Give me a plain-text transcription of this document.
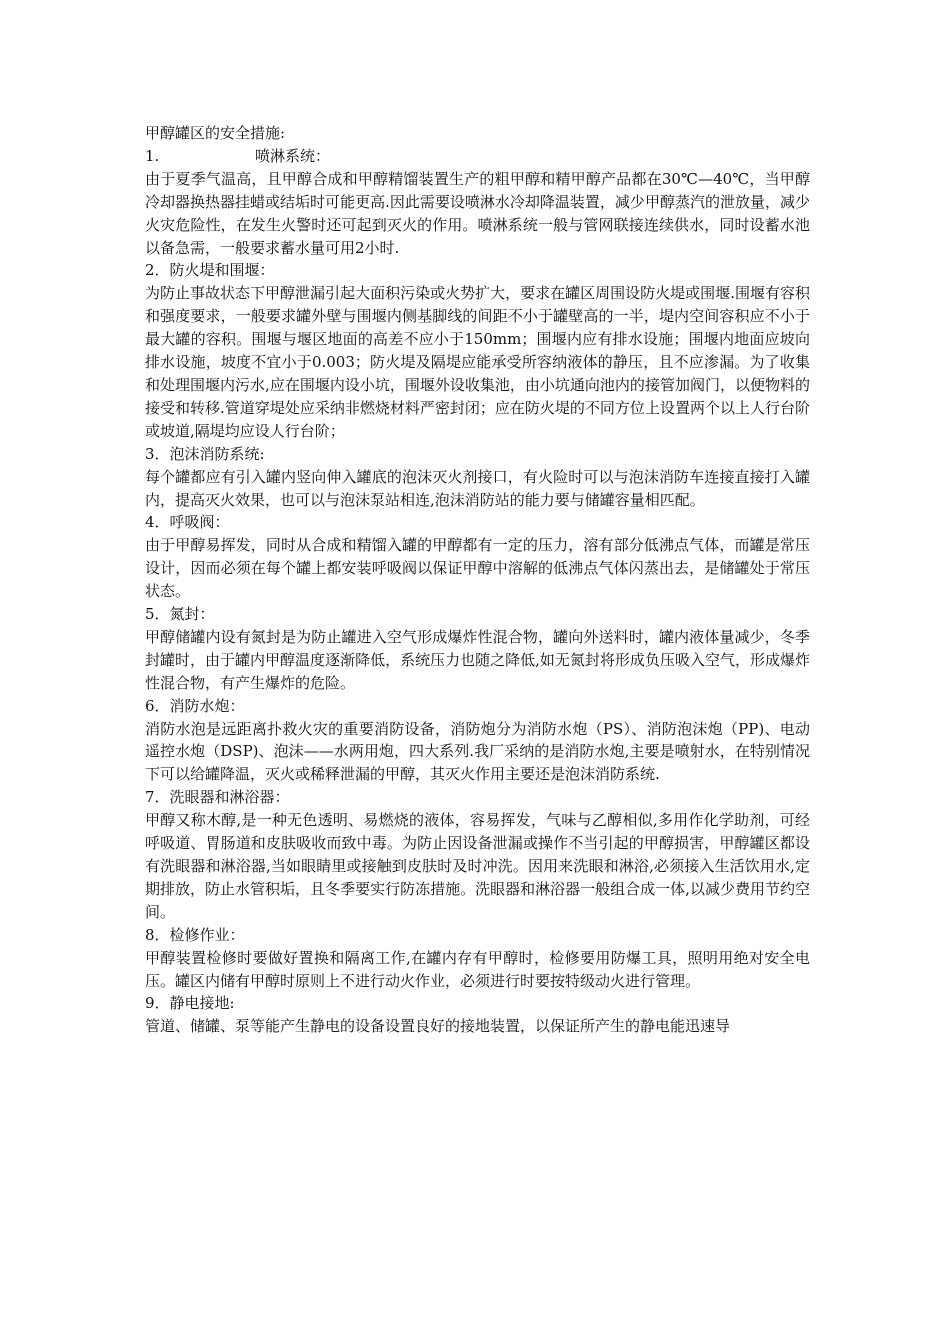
甲醇罐区的安全措施:

1.	喷淋系统：

由于夏季气温高，且甲醇合成和甲醇精馏装置生产的粗甲醇和精甲醇产品都在30℃—40℃，当甲醇冷却器换热器挂蜡或结垢时可能更高.因此需要设喷淋水冷却降温装置，减少甲醇蒸汽的泄放量，减少火灾危险性，在发生火警时还可起到灭火的作用。喷淋系统一般与管网联接连续供水，同时设蓄水池以备急需，一般要求蓄水量可用2小时.

2．防火堤和围堰：

为防止事故状态下甲醇泄漏引起大面积污染或火势扩大，要求在罐区周围设防火堤或围堰.围堰有容积和强度要求，一般要求罐外壁与围堰内侧基脚线的间距不小于罐壁高的一半，堤内空间容积应不小于最大罐的容积。围堰与堰区地面的高差不应小于150mm；围堰内应有排水设施；围堰内地面应坡向排水设施，坡度不宜小于0.003；防火堤及隔堤应能承受所容纳液体的静压，且不应渗漏。为了收集和处理围堰内污水,应在围堰内设小坑，围堰外设收集池，由小坑通向池内的接管加阀门，以便物料的接受和转移.管道穿堤处应采纳非燃烧材料严密封闭；应在防火堤的不同方位上设置两个以上人行台阶或坡道,隔堤均应设人行台阶；

3．泡沫消防系统:

每个罐都应有引入罐内竖向伸入罐底的泡沫灭火剂接口，有火险时可以与泡沫消防车连接直接打入罐内，提高灭火效果，也可以与泡沫泵站相连,泡沫消防站的能力要与储罐容量相匹配。

4．呼吸阀：

由于甲醇易挥发，同时从合成和精馏入罐的甲醇都有一定的压力，溶有部分低沸点气体，而罐是常压设计，因而必须在每个罐上都安装呼吸阀以保证甲醇中溶解的低沸点气体闪蒸出去，是储罐处于常压状态。

5．氮封：

甲醇储罐内设有氮封是为防止罐进入空气形成爆炸性混合物，罐向外送料时，罐内液体量减少，冬季封罐时，由于罐内甲醇温度逐渐降低，系统压力也随之降低,如无氮封将形成负压吸入空气，形成爆炸性混合物，有产生爆炸的危险。

6．消防水炮：

消防水泡是远距离扑救火灾的重要消防设备，消防炮分为消防水炮（PS）、消防泡沫炮（PP)、电动遥控水炮（DSP)、泡沫——水两用炮，四大系列.我厂采纳的是消防水炮,主要是喷射水，在特别情况下可以给罐降温，灭火或稀释泄漏的甲醇，其灭火作用主要还是泡沫消防系统.

7．洗眼器和淋浴器：

甲醇又称木醇,是一种无色透明、易燃烧的液体，容易挥发，气味与乙醇相似,多用作化学助剂，可经呼吸道、胃肠道和皮肤吸收而致中毒。为防止因设备泄漏或操作不当引起的甲醇损害，甲醇罐区都设有洗眼器和淋浴器,当如眼睛里或接触到皮肤时及时冲洗。因用来洗眼和淋浴,必须接入生活饮用水,定期排放，防止水管积垢，且冬季要实行防冻措施。洗眼器和淋浴器一般组合成一体,以减少费用节约空间。

8．检修作业：

甲醇装置检修时要做好置换和隔离工作,在罐内存有甲醇时，检修要用防爆工具，照明用绝对安全电压。罐区内储有甲醇时原则上不进行动火作业，必须进行时要按特级动火进行管理。

9．静电接地:

管道、储罐、泵等能产生静电的设备设置良好的接地装置，以保证所产生的静电能迅速导
